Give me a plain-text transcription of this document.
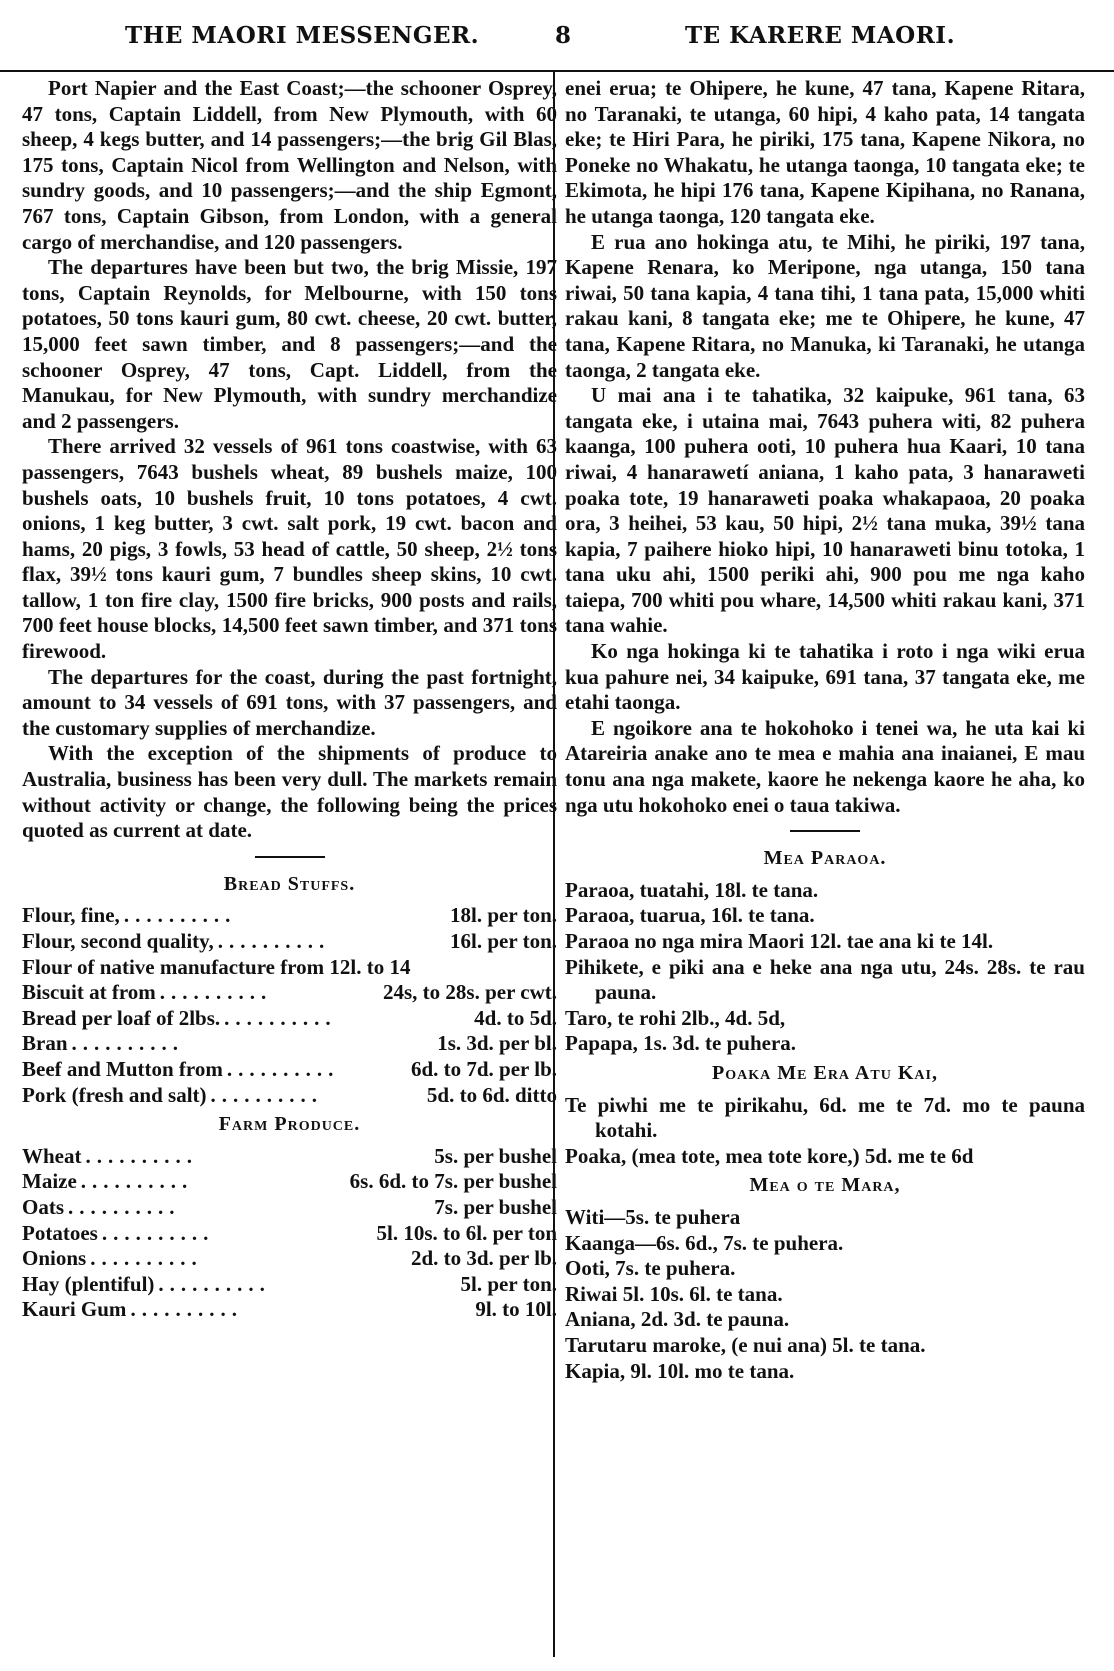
THE MAORI MESSENGER.	8	TE KARERE MAORI.

Port Napier and the East Coast;—the schooner Osprey, 47 tons, Captain Liddell, from New Plymouth, with 60 sheep, 4 kegs butter, and 14 passengers;—the brig Gil Blas, 175 tons, Captain Nicol from Wellington and Nelson, with sundry goods, and 10 passengers;—and the ship Egmont, 767 tons, Captain Gibson, from London, with a general cargo of merchandise, and 120 passengers.

The departures have been but two, the brig Missie, 197 tons, Captain Reynolds, for Melbourne, with 150 tons potatoes, 50 tons kauri gum, 80 cwt. cheese, 20 cwt. butter, 15,000 feet sawn timber, and 8 passengers;—and the schooner Osprey, 47 tons, Capt. Liddell, from the Manukau, for New Plymouth, with sundry merchandize and 2 passengers.

There arrived 32 vessels of 961 tons coastwise, with 63 passengers, 7643 bushels wheat, 89 bushels maize, 100 bushels oats, 10 bushels fruit, 10 tons potatoes, 4 cwt. onions, 1 keg butter, 3 cwt. salt pork, 19 cwt. bacon and hams, 20 pigs, 3 fowls, 53 head of cattle, 50 sheep, 2½ tons flax, 39½ tons kauri gum, 7 bundles sheep skins, 10 cwt. tallow, 1 ton fire clay, 1500 fire bricks, 900 posts and rails, 700 feet house blocks, 14,500 feet sawn timber, and 371 tons firewood.

The departures for the coast, during the past fortnight, amount to 34 vessels of 691 tons, with 37 passengers, and the customary supplies of merchandize.

With the exception of the shipments of produce to Australia, business has been very dull. The markets remain without activity or change, the following being the prices quoted as current at date.

Bread Stuffs.
Flour, fine, ..........	18l. per ton.
Flour, second quality, ..........	16l. per ton.
Flour of native manufacture from 12l. to 14
Biscuit at from ..........	24s, to 28s. per cwt.
Bread per loaf of 2lbs. ..........	4d. to 5d.
Bran ..........	1s. 3d. per bl.
Beef and Mutton from ..........	6d. to 7d. per lb.
Pork (fresh and salt) ..........	5d. to 6d. ditto
Farm Produce.
Wheat ..........	5s. per bushel
Maize ..........	6s. 6d. to 7s. per bushel
Oats ..........	7s. per bushel
Potatoes ..........	5l. 10s. to 6l. per ton
Onions ..........	2d. to 3d. per lb.
Hay (plentiful) ..........	5l. per ton.
Kauri Gum ..........	9l. to 10l.

enei erua; te Ohipere, he kune, 47 tana, Kapene Ritara, no Taranaki, te utanga, 60 hipi, 4 kaho pata, 14 tangata eke; te Hiri Para, he piriki, 175 tana, Kapene Nikora, no Poneke no Whakatu, he utanga taonga, 10 tangata eke; te Ekimota, he hipi 176 tana, Kapene Kipihana, no Ranana, he utanga taonga, 120 tangata eke.

E rua ano hokinga atu, te Mihi, he piriki, 197 tana, Kapene Renara, ko Meripone, nga utanga, 150 tana riwai, 50 tana kapia, 4 tana tihi, 1 tana pata, 15,000 whiti rakau kani, 8 tangata eke; me te Ohipere, he kune, 47 tana, Kapene Ritara, no Manuka, ki Taranaki, he utanga taonga, 2 tangata eke.

U mai ana i te tahatika, 32 kaipuke, 961 tana, 63 tangata eke, i utaina mai, 7643 puhera witi, 82 puhera kaanga, 100 puhera ooti, 10 puhera hua Kaari, 10 tana riwai, 4 hanarawetí aniana, 1 kaho pata, 3 hanaraweti poaka tote, 19 hanaraweti poaka whakapaoa, 20 poaka ora, 3 heihei, 53 kau, 50 hipi, 2½ tana muka, 39½ tana kapia, 7 paihere hioko hipi, 10 hanaraweti binu totoka, 1 tana uku ahi, 1500 periki ahi, 900 pou me nga kaho taiepa, 700 whiti pou whare, 14,500 whiti rakau kani, 371 tana wahie.

Ko nga hokinga ki te tahatika i roto i nga wiki erua kua pahure nei, 34 kaipuke, 691 tana, 37 tangata eke, me etahi taonga.

E ngoikore ana te hokohoko i tenei wa, he uta kai ki Atareiria anake ano te mea e mahia ana inaianei, E mau tonu ana nga makete, kaore he nekenga kaore he aha, ko nga utu hokohoko enei o taua takiwa.

Mea Paraoa.
Paraoa, tuatahi, 18l. te tana.
Paraoa, tuarua, 16l. te tana.
Paraoa no nga mira Maori 12l. tae ana ki te 14l.
Pihikete, e piki ana e heke ana nga utu, 24s. 28s. te rau pauna.
Taro, te rohi 2lb., 4d. 5d,
Papapa, 1s. 3d. te puhera.
Poaka Me Era Atu Kai,
Te piwhi me te pirikahu, 6d. me te 7d. mo te pauna kotahi.
Poaka, (mea tote, mea tote kore,) 5d. me te 6d
Mea o te Mara,
Witi—5s. te puhera
Kaanga—6s. 6d., 7s. te puhera.
Ooti, 7s. te puhera.
Riwai 5l. 10s. 6l. te tana.
Aniana, 2d. 3d. te pauna.
Tarutaru maroke, (e nui ana) 5l. te tana.
Kapia, 9l. 10l. mo te tana.
